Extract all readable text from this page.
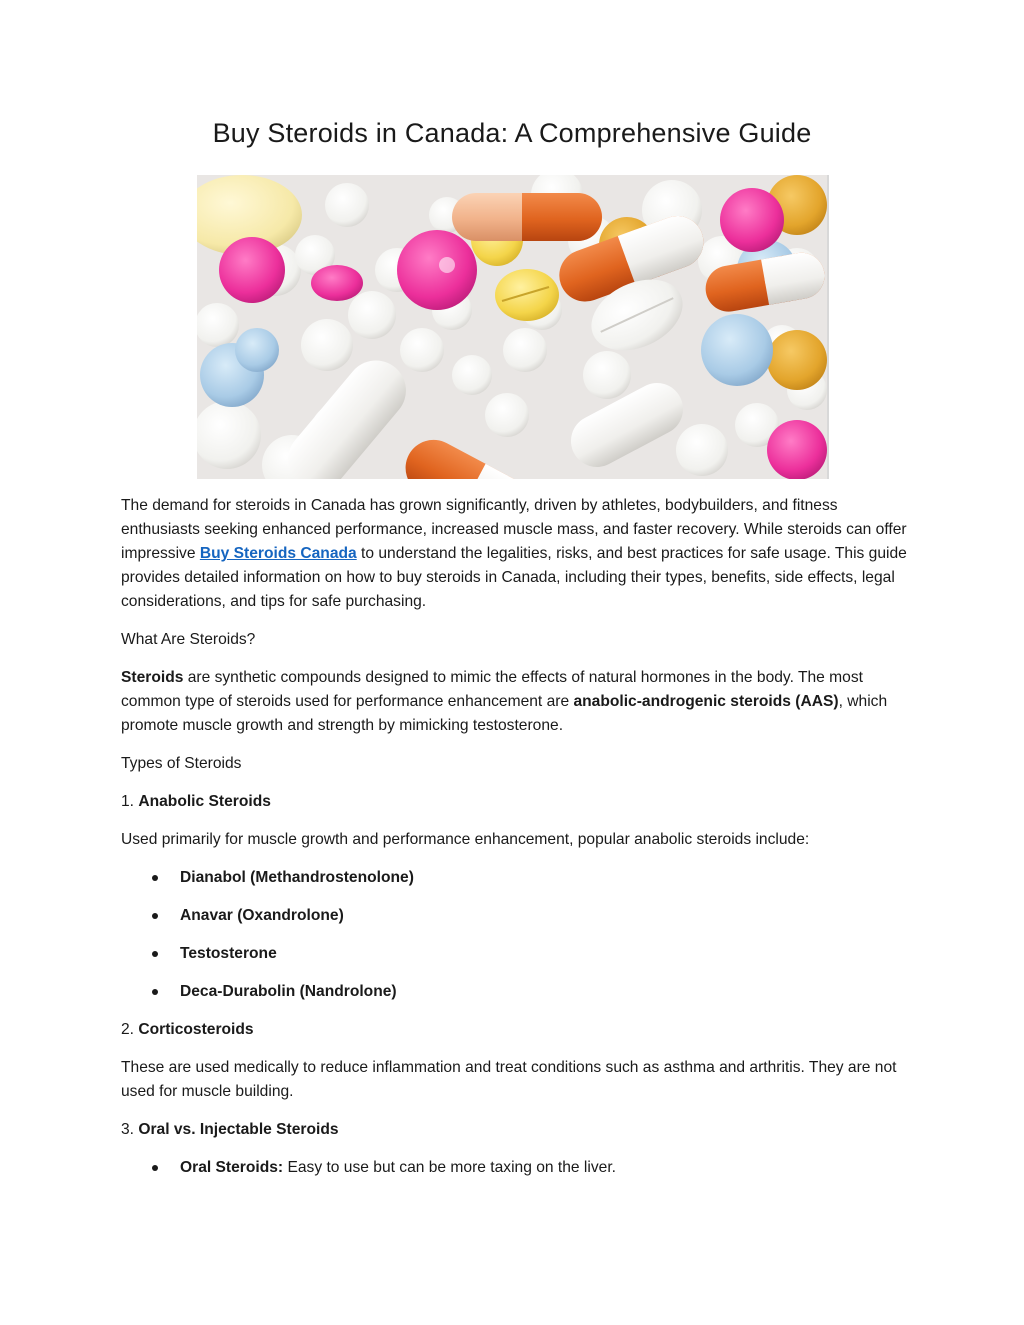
Buy Steroids in Canada: A Comprehensive Guide

The demand for steroids in Canada has grown significantly, driven by athletes, bodybuilders, and fitness enthusiasts seeking enhanced performance, increased muscle mass, and faster recovery. While steroids can offer impressive Buy Steroids Canada to understand the legalities, risks, and best practices for safe usage. This guide provides detailed information on how to buy steroids in Canada, including their types, benefits, side effects, legal considerations, and tips for safe purchasing.

What Are Steroids?

Steroids are synthetic compounds designed to mimic the effects of natural hormones in the body. The most common type of steroids used for performance enhancement are anabolic-androgenic steroids (AAS), which promote muscle growth and strength by mimicking testosterone.

Types of Steroids

1. Anabolic Steroids

Used primarily for muscle growth and performance enhancement, popular anabolic steroids include:

Dianabol (Methandrostenolone)
Anavar (Oxandrolone)
Testosterone
Deca-Durabolin (Nandrolone)

2. Corticosteroids

These are used medically to reduce inflammation and treat conditions such as asthma and arthritis. They are not used for muscle building.

3. Oral vs. Injectable Steroids

Oral Steroids: Easy to use but can be more taxing on the liver.
